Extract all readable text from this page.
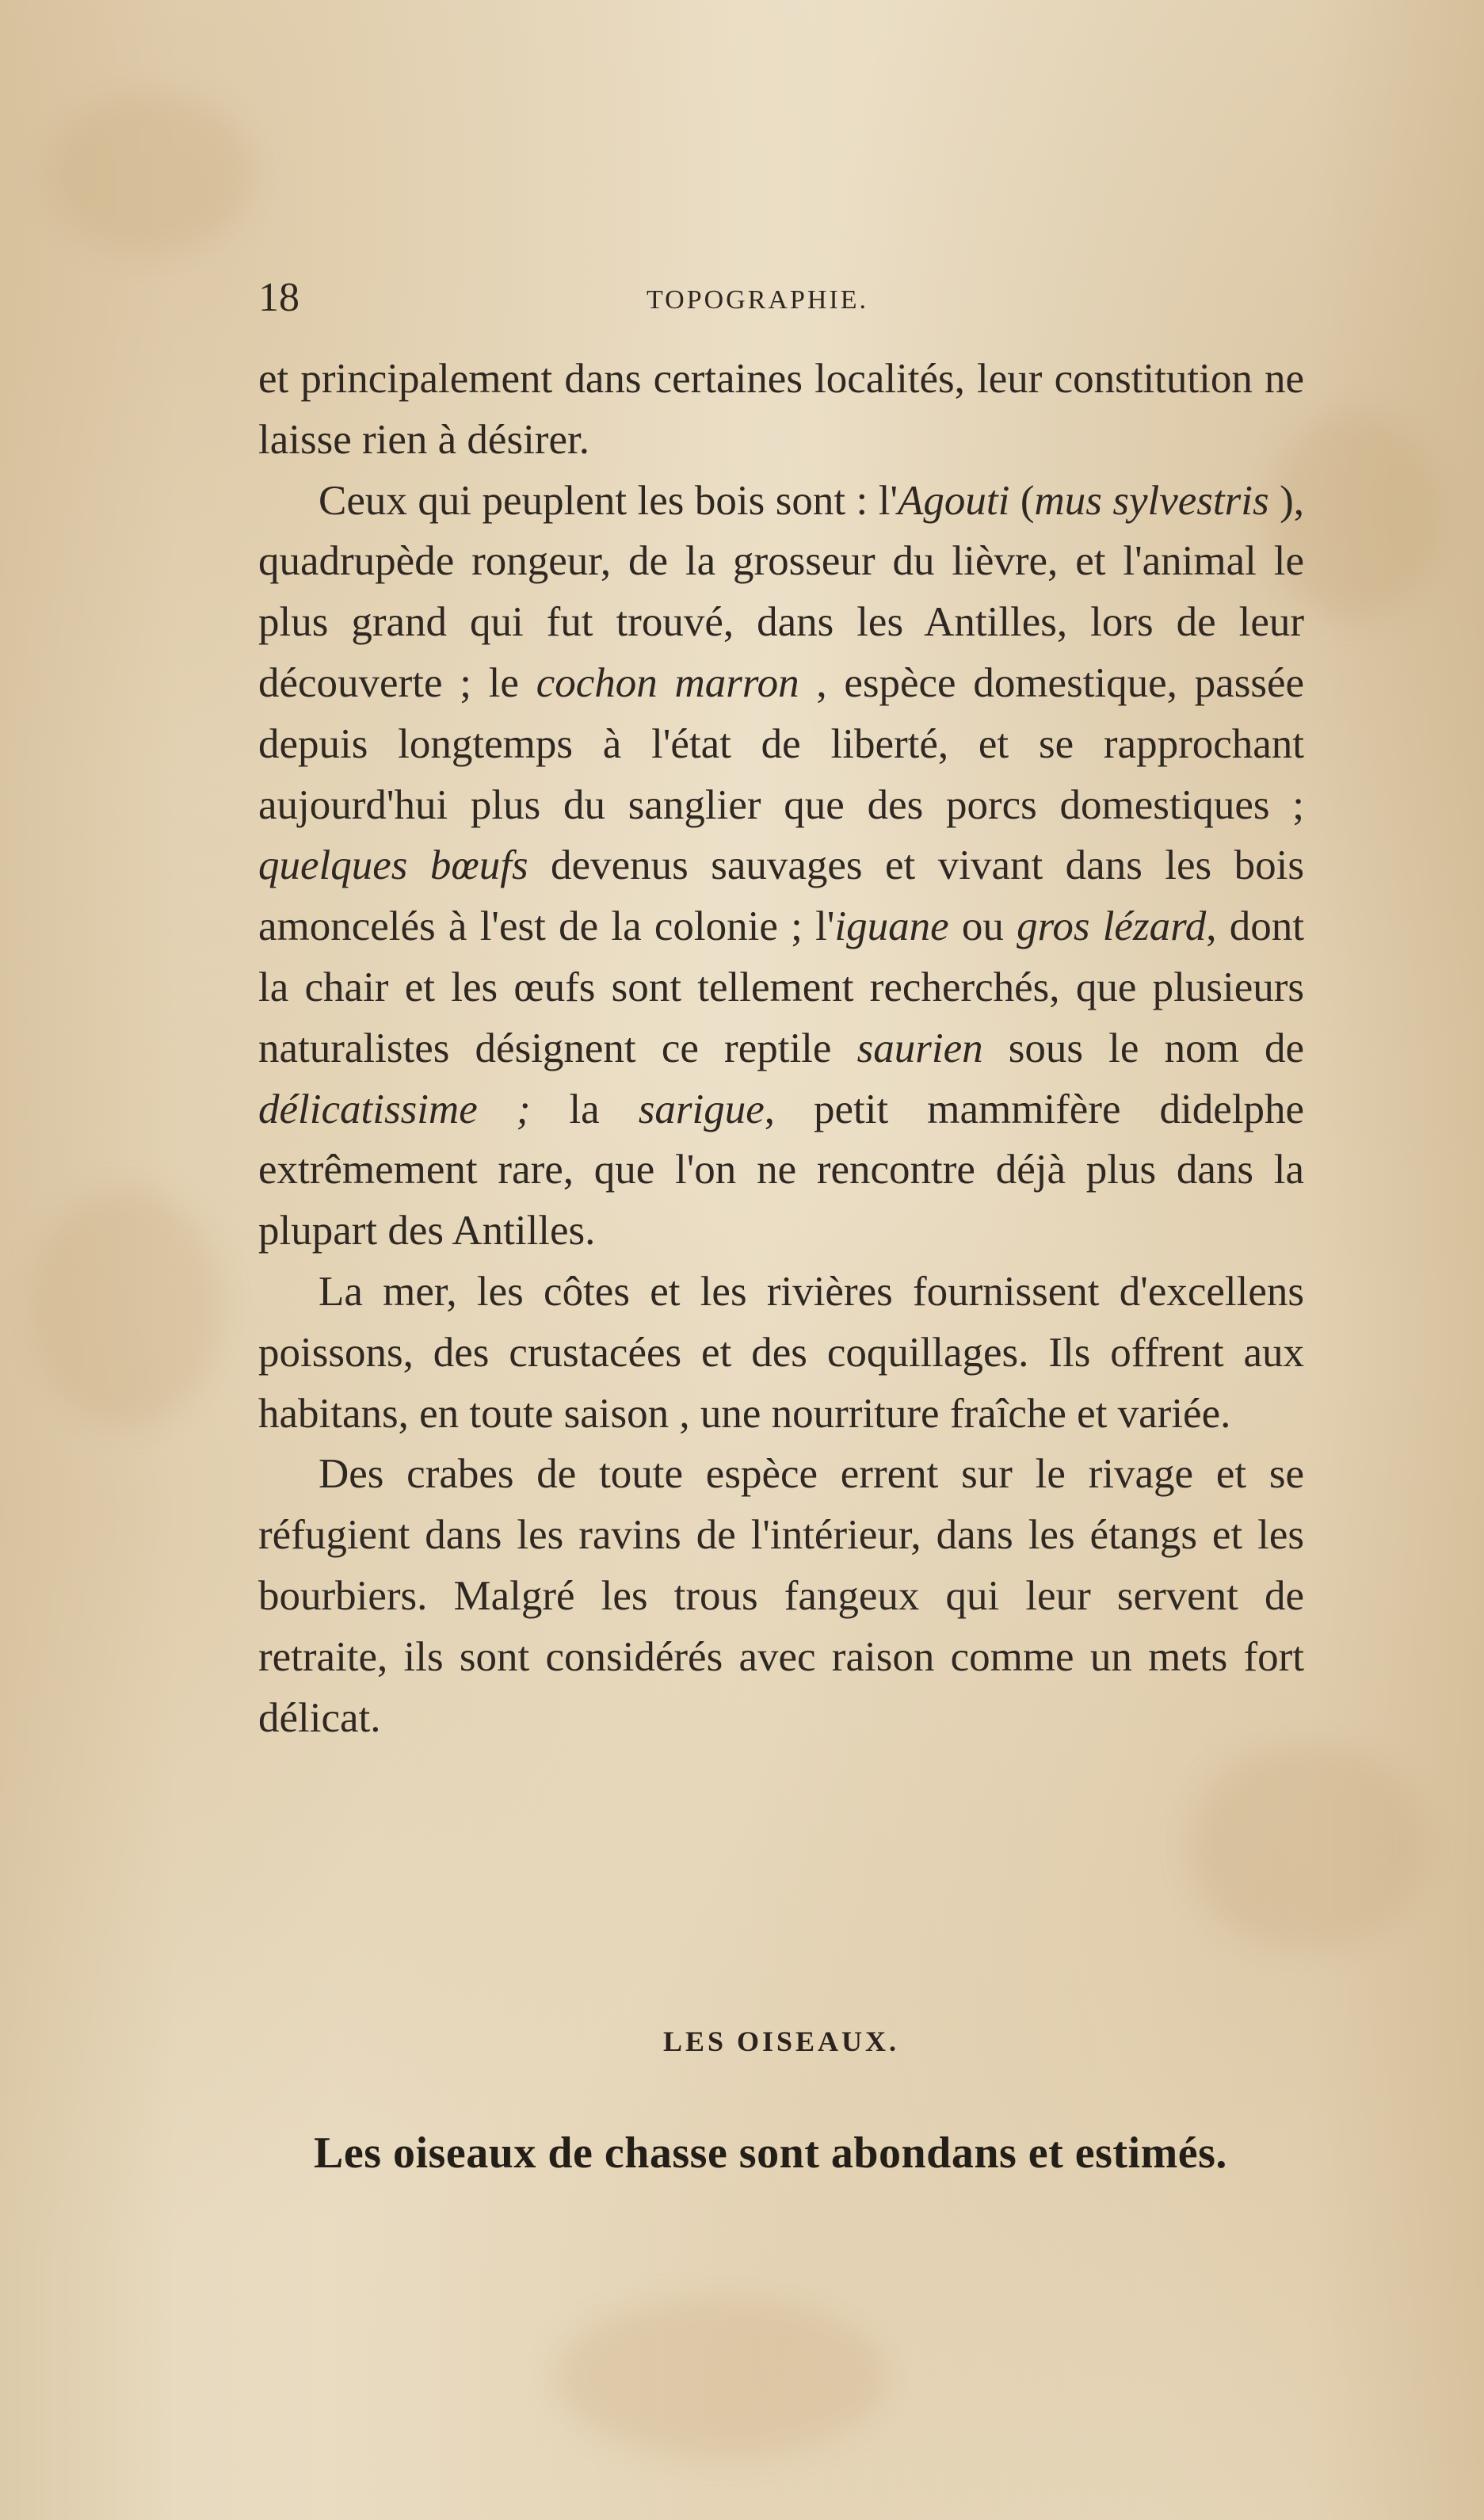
18	TOPOGRAPHIE.

et principalement dans certaines localités, leur constitution ne laisse rien à désirer.

Ceux qui peuplent les bois sont : l'Agouti (mus sylvestris ), quadrupède rongeur, de la grosseur du lièvre, et l'animal le plus grand qui fut trouvé, dans les Antilles, lors de leur découverte ; le cochon marron , espèce domestique, passée depuis longtemps à l'état de liberté, et se rapprochant aujourd'hui plus du sanglier que des porcs domestiques ; quelques bœufs devenus sauvages et vivant dans les bois amoncelés à l'est de la colonie ; l'iguane ou gros lézard, dont la chair et les œufs sont tellement recherchés, que plusieurs naturalistes désignent ce reptile saurien sous le nom de délicatissime ; la sarigue, petit mammifère didelphe extrêmement rare, que l'on ne rencontre déjà plus dans la plupart des Antilles.

La mer, les côtes et les rivières fournissent d'excellens poissons, des crustacées et des coquillages. Ils offrent aux habitans, en toute saison , une nourriture fraîche et variée.

Des crabes de toute espèce errent sur le rivage et se réfugient dans les ravins de l'intérieur, dans les étangs et les bourbiers. Malgré les trous fangeux qui leur servent de retraite, ils sont considérés avec raison comme un mets fort délicat.

LES OISEAUX.
Les oiseaux de chasse sont abondans et estimés.
